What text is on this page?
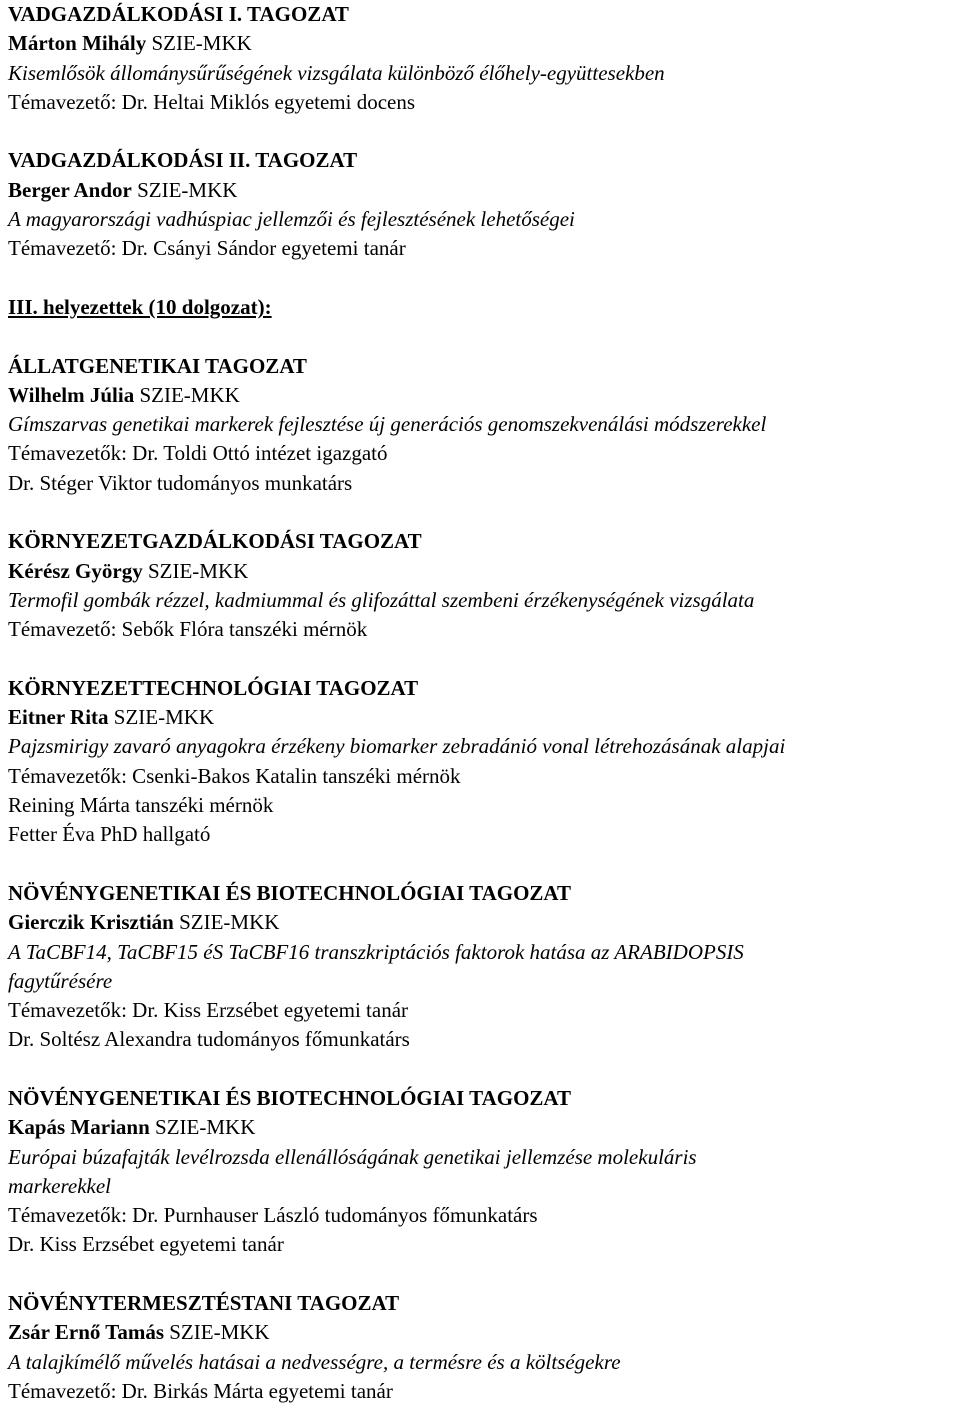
VADGAZDÁLKODÁSI I. TAGOZAT
Márton Mihály SZIE-MKK
Kisemlősök állománysűrűségének vizsgálata különböző élőhely-együttesekben
Témavezető: Dr. Heltai Miklós egyetemi docens
VADGAZDÁLKODÁSI II. TAGOZAT
Berger Andor SZIE-MKK
A magyarországi vadhúspiac jellemzői és fejlesztésének lehetőségei
Témavezető: Dr. Csányi Sándor egyetemi tanár
III. helyezettek (10 dolgozat):
ÁLLATGENETIKAI TAGOZAT
Wilhelm Júlia SZIE-MKK
Gímszarvas genetikai markerek fejlesztése új generációs genomszekvenálási módszerekkel
Témavezetők: Dr. Toldi Ottó intézet igazgató
Dr. Stéger Viktor tudományos munkatárs
KÖRNYEZETGAZDÁLKODÁSI TAGOZAT
Kérész György SZIE-MKK
Termofil gombák rézzel, kadmiummal és glifozáttal szembeni érzékenységének vizsgálata
Témavezető: Sebők Flóra tanszéki mérnök
KÖRNYEZETTECHNOLÓGIAI TAGOZAT
Eitner Rita SZIE-MKK
Pajzsmirigy zavaró anyagokra érzékeny biomarker zebradánió vonal létrehozásának alapjai
Témavezetők: Csenki-Bakos Katalin tanszéki mérnök
Reining Márta tanszéki mérnök
Fetter Éva PhD hallgató
NÖVÉNYGENETIKAI ÉS BIOTECHNOLÓGIAI TAGOZAT
Gierczik Krisztián SZIE-MKK
A TaCBF14, TaCBF15 éS TaCBF16 transzkriptációs faktorok hatása az ARABIDOPSIS
fagytűrésére
Témavezetők: Dr. Kiss Erzsébet egyetemi tanár
Dr. Soltész Alexandra tudományos főmunkatárs
NÖVÉNYGENETIKAI ÉS BIOTECHNOLÓGIAI TAGOZAT
Kapás Mariann SZIE-MKK
Európai búzafajták levélrozsda ellenállóságának genetikai jellemzése molekuláris
markerekkel
Témavezetők: Dr. Purnhauser László tudományos főmunkatárs
Dr. Kiss Erzsébet egyetemi tanár
NÖVÉNYTERMESZTÉSTANI TAGOZAT
Zsár Ernő Tamás SZIE-MKK
A talajkímélő művelés hatásai a nedvességre, a termésre és a költségekre
Témavezető: Dr. Birkás Márta egyetemi tanár
